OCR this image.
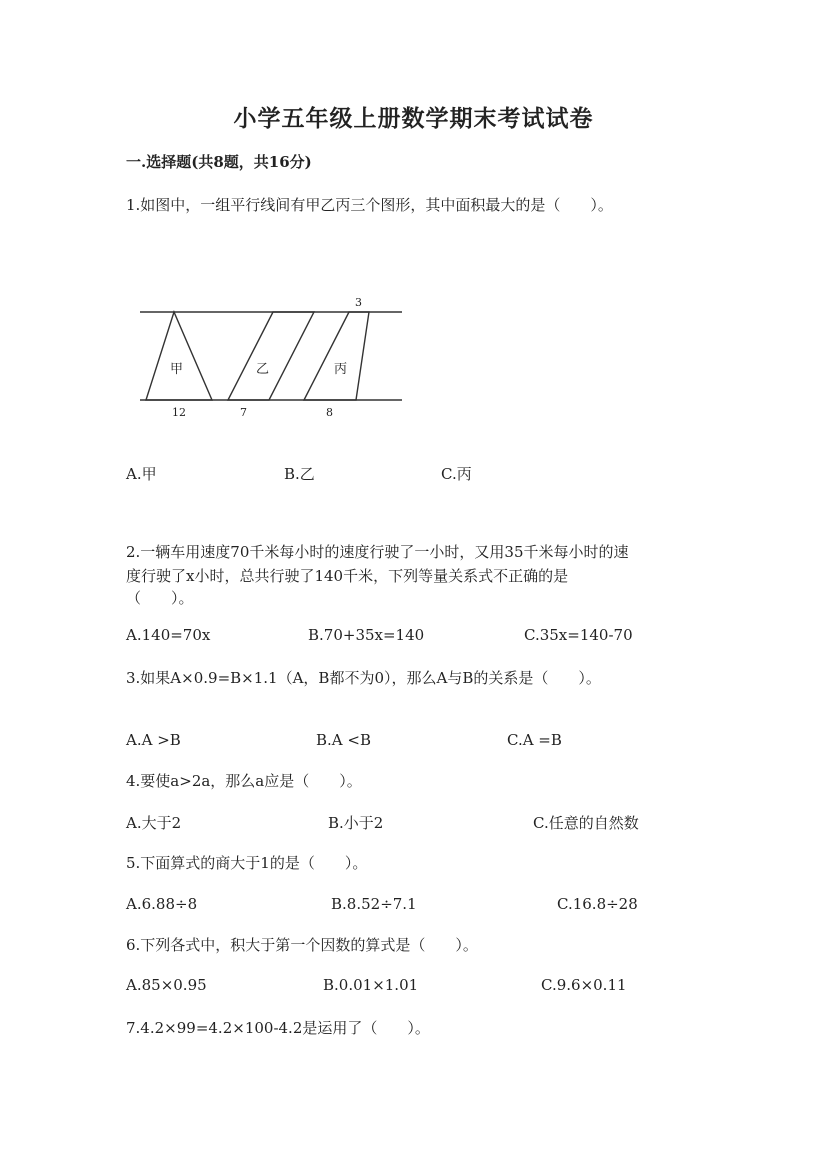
小学五年级上册数学期末考试试卷
一.选择题(共8题，共16分)
1.如图中，一组平行线间有甲乙丙三个图形，其中面积最大的是（　　）。
甲	乙	丙
3
12	7	8
A.甲	B.乙	C.丙
2.一辆车用速度70千米每小时的速度行驶了一小时，又用35千米每小时的速
度行驶了x小时，总共行驶了140千米，下列等量关系式不正确的是
（　　）。
A.140=70x	B.70+35x=140	C.35x=140-70
3.如果A×0.9=B×1.1（A，B都不为0），那么A与B的关系是（　　）。
A.A >B	B.A <B	C.A =B
4.要使a>2a，那么a应是（　　）。
A.大于2	B.小于2	C.任意的自然数
5.下面算式的商大于1的是（　　）。
A.6.88÷8	B.8.52÷7.1	C.16.8÷28
6.下列各式中，积大于第一个因数的算式是（　　）。
A.85×0.95	B.0.01×1.01	C.9.6×0.11
7.4.2×99=4.2×100-4.2是运用了（　　）。
